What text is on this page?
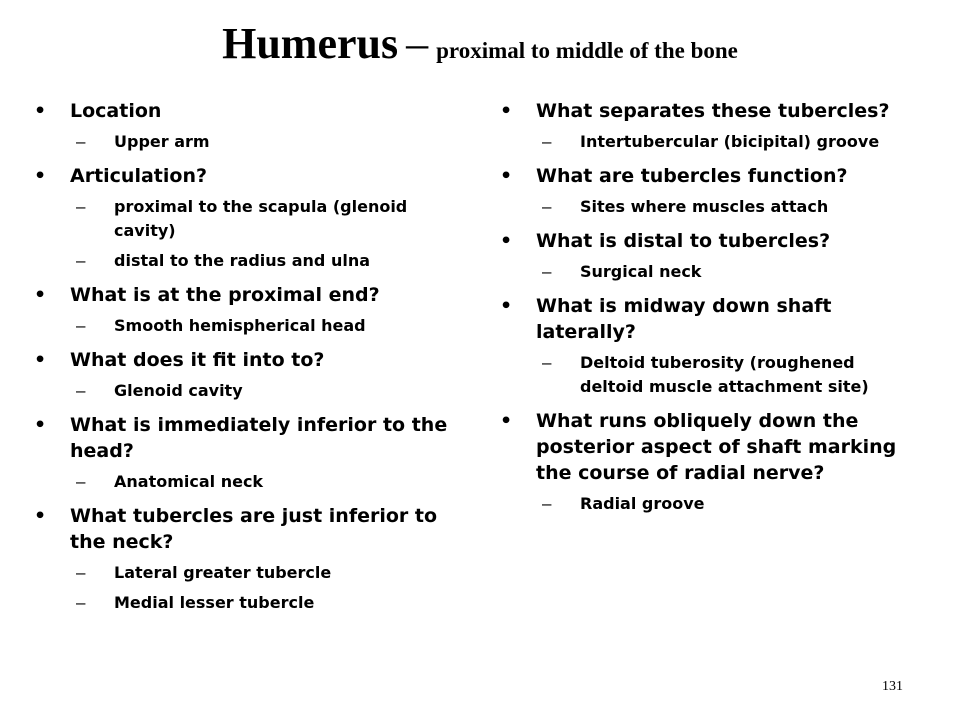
Humerus – proximal to middle of the bone
• Location
– Upper arm
• Articulation?
– proximal to the scapula (glenoid cavity)
– distal to the radius and ulna
• What is at the proximal end?
– Smooth hemispherical head
• What does it fit into to?
– Glenoid cavity
• What is immediately inferior to the head?
– Anatomical neck
• What tubercles are just inferior to the neck?
– Lateral greater tubercle
– Medial lesser tubercle
• What separates these tubercles?
– Intertubercular (bicipital) groove
• What are tubercles function?
– Sites where muscles attach
• What is distal to tubercles?
– Surgical neck
• What is midway down shaft laterally?
– Deltoid tuberosity (roughened deltoid muscle attachment site)
• What runs obliquely down the posterior aspect of shaft marking the course of radial nerve?
– Radial groove
131
